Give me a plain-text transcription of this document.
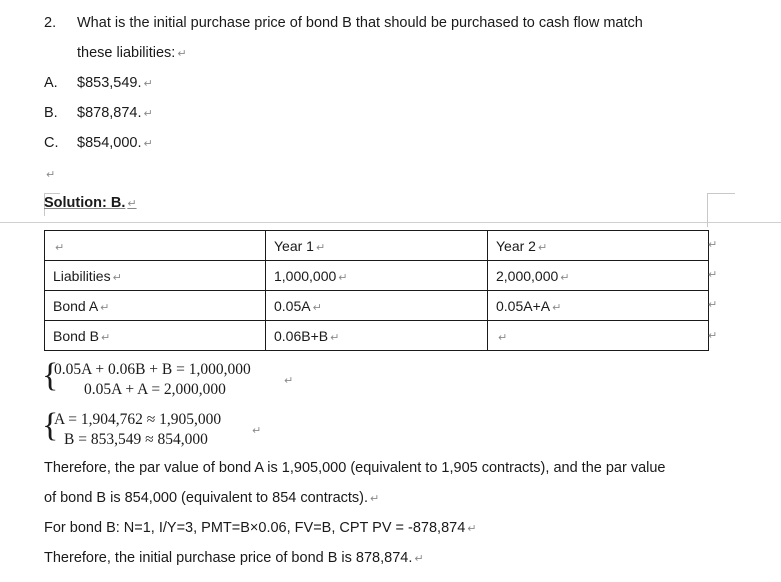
2. What is the initial purchase price of bond B that should be purchased to cash flow match
these liabilities: ↵
A. $853,549. ↵
B. $878,874. ↵
C. $854,000. ↵
↵
Solution: B. ↵
↵	Year 1 ↵	Year 2 ↵
Liabilities ↵	1,000,000 ↵	2,000,000 ↵
Bond A ↵	0.05A ↵	0.05A+A ↵
Bond B ↵	0.06B+B ↵	↵
↵
↵
↵
↵
{
0.05A + 0.06B + B = 1,000,000
0.05A + A = 2,000,000	↵
{
A = 1,904,762 ≈ 1,905,000
B = 853,549 ≈ 854,000	↵
Therefore, the par value of bond A is 1,905,000 (equivalent to 1,905 contracts), and the par value
of bond B is 854,000 (equivalent to 854 contracts). ↵
For bond B: N=1, I/Y=3, PMT=B×0.06, FV=B, CPT PV = -878,874 ↵
Therefore, the initial purchase price of bond B is 878,874. ↵
